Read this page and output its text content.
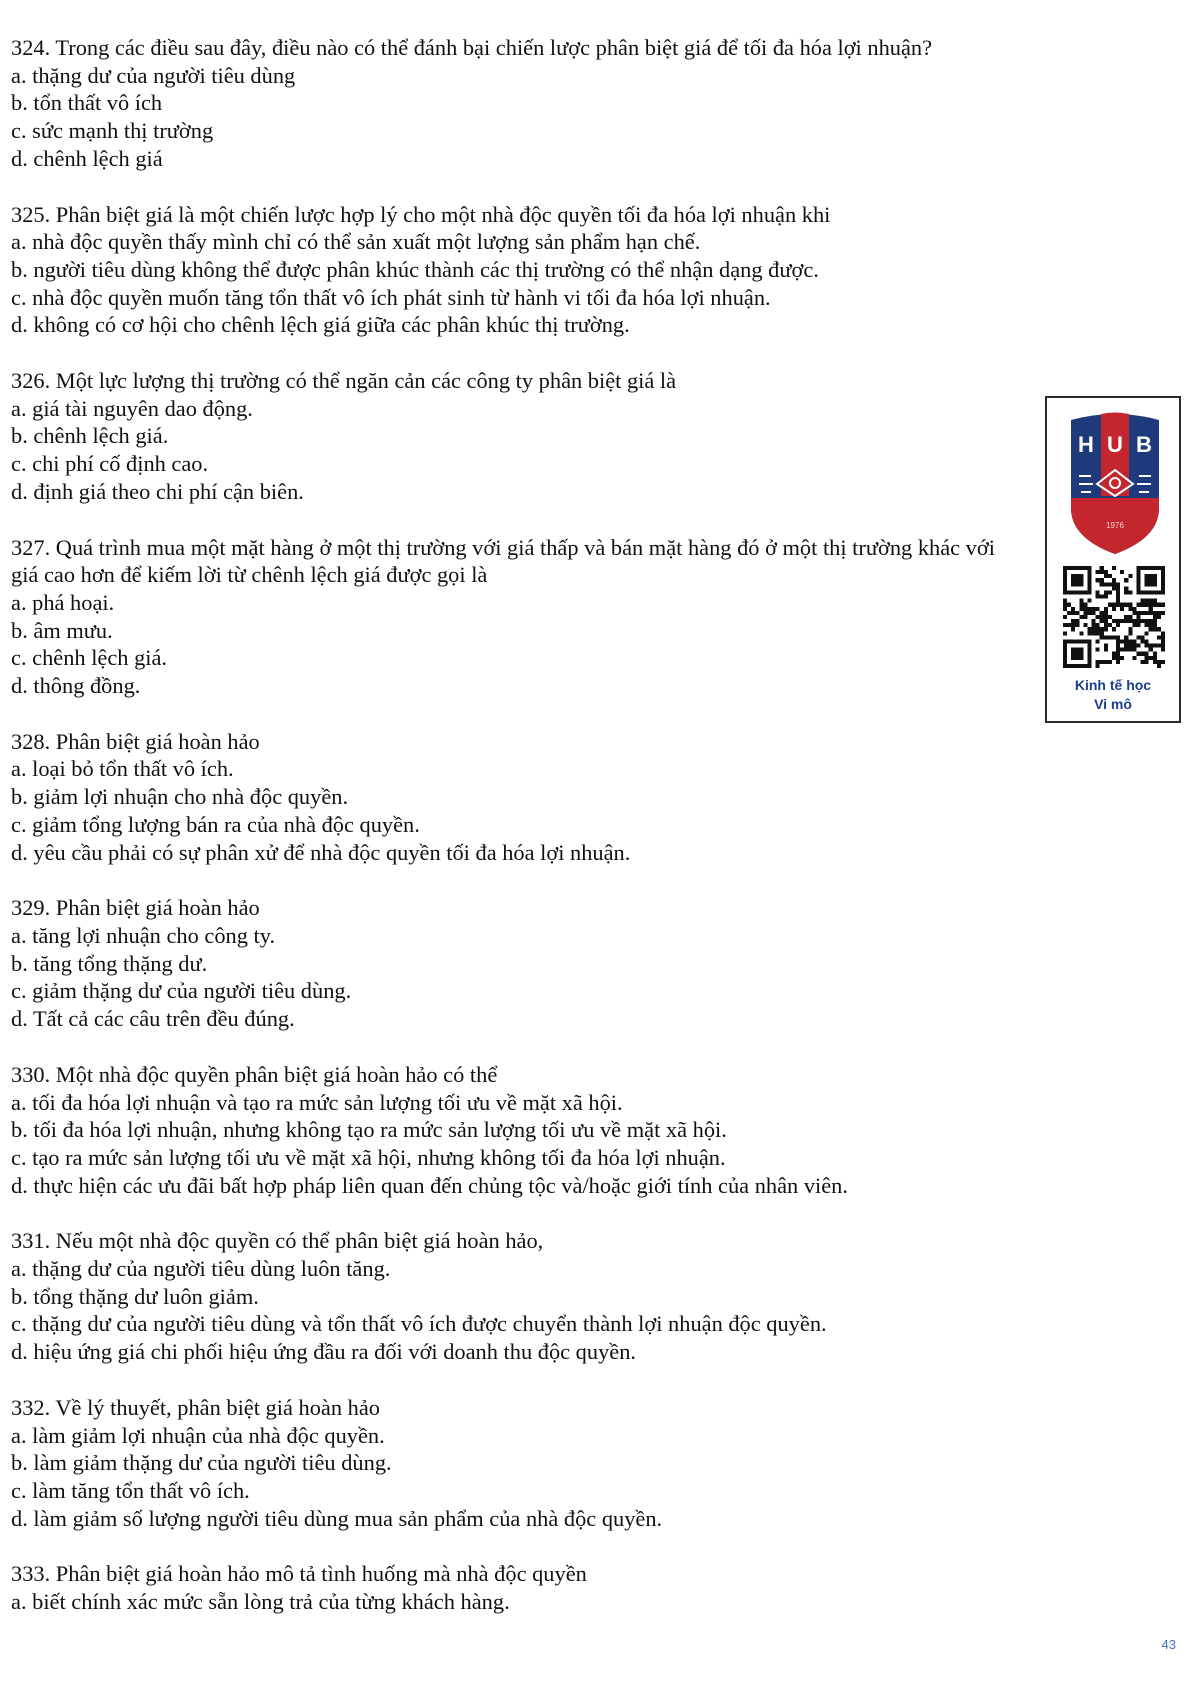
324. Trong các điều sau đây, điều nào có thể đánh bại chiến lược phân biệt giá để tối đa hóa lợi nhuận?
a. thặng dư của người tiêu dùng
b. tổn thất vô ích
c. sức mạnh thị trường
d. chênh lệch giá
325. Phân biệt giá là một chiến lược hợp lý cho một nhà độc quyền tối đa hóa lợi nhuận khi
a. nhà độc quyền thấy mình chỉ có thể sản xuất một lượng sản phẩm hạn chế.
b. người tiêu dùng không thể được phân khúc thành các thị trường có thể nhận dạng được.
c. nhà độc quyền muốn tăng tổn thất vô ích phát sinh từ hành vi tối đa hóa lợi nhuận.
d. không có cơ hội cho chênh lệch giá giữa các phân khúc thị trường.
326. Một lực lượng thị trường có thể ngăn cản các công ty phân biệt giá là
a. giá tài nguyên dao động.
b. chênh lệch giá.
c. chi phí cố định cao.
d. định giá theo chi phí cận biên.
327. Quá trình mua một mặt hàng ở một thị trường với giá thấp và bán mặt hàng đó ở một thị trường khác với giá cao hơn để kiếm lời từ chênh lệch giá được gọi là
a. phá hoại.
b. âm mưu.
c. chênh lệch giá.
d. thông đồng.
328. Phân biệt giá hoàn hảo
a. loại bỏ tổn thất vô ích.
b. giảm lợi nhuận cho nhà độc quyền.
c. giảm tổng lượng bán ra của nhà độc quyền.
d. yêu cầu phải có sự phân xử để nhà độc quyền tối đa hóa lợi nhuận.
329. Phân biệt giá hoàn hảo
a. tăng lợi nhuận cho công ty.
b. tăng tổng thặng dư.
c. giảm thặng dư của người tiêu dùng.
d. Tất cả các câu trên đều đúng.
330. Một nhà độc quyền phân biệt giá hoàn hảo có thể
a. tối đa hóa lợi nhuận và tạo ra mức sản lượng tối ưu về mặt xã hội.
b. tối đa hóa lợi nhuận, nhưng không tạo ra mức sản lượng tối ưu về mặt xã hội.
c. tạo ra mức sản lượng tối ưu về mặt xã hội, nhưng không tối đa hóa lợi nhuận.
d. thực hiện các ưu đãi bất hợp pháp liên quan đến chủng tộc và/hoặc giới tính của nhân viên.
331. Nếu một nhà độc quyền có thể phân biệt giá hoàn hảo,
a. thặng dư của người tiêu dùng luôn tăng.
b. tổng thặng dư luôn giảm.
c. thặng dư của người tiêu dùng và tổn thất vô ích được chuyển thành lợi nhuận độc quyền.
d. hiệu ứng giá chi phối hiệu ứng đầu ra đối với doanh thu độc quyền.
332. Về lý thuyết, phân biệt giá hoàn hảo
a. làm giảm lợi nhuận của nhà độc quyền.
b. làm giảm thặng dư của người tiêu dùng.
c. làm tăng tổn thất vô ích.
d. làm giảm số lượng người tiêu dùng mua sản phẩm của nhà độc quyền.
333. Phân biệt giá hoàn hảo mô tả tình huống mà nhà độc quyền
a. biết chính xác mức sẵn lòng trả của từng khách hàng.
H U B
1976
Kinh tế học
Vi mô
43
